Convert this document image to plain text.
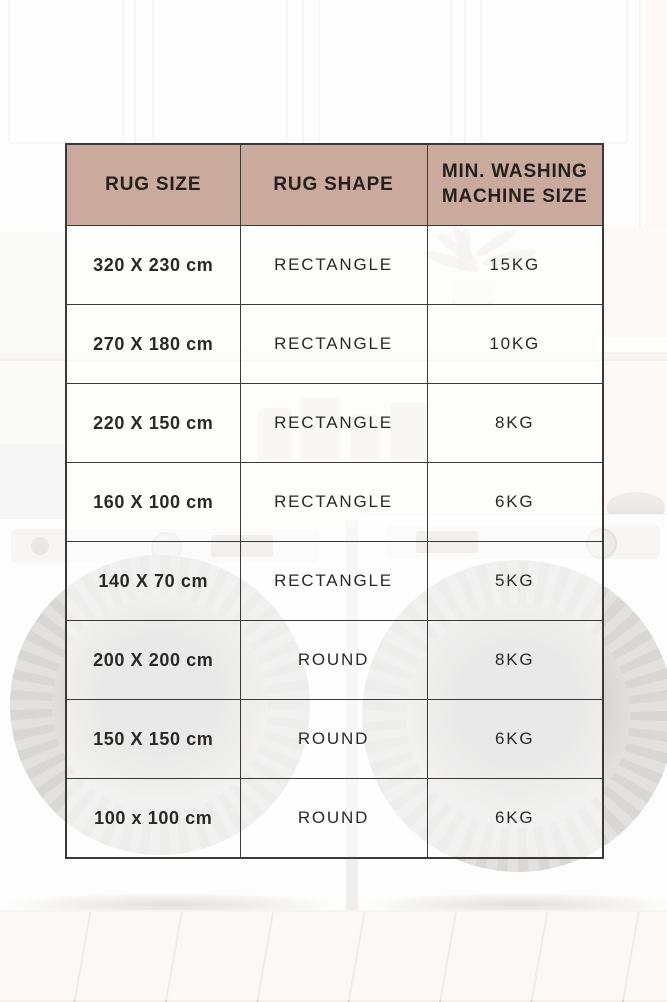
RUG SIZE	RUG SHAPE	MIN. WASHING MACHINE SIZE
320 X 230 cm	RECTANGLE	15KG
270 X 180 cm	RECTANGLE	10KG
220 X 150 cm	RECTANGLE	8KG
160 X 100 cm	RECTANGLE	6KG
140 X 70 cm	RECTANGLE	5KG
200 X 200 cm	ROUND	8KG
150 X 150 cm	ROUND	6KG
100 x 100 cm	ROUND	6KG
